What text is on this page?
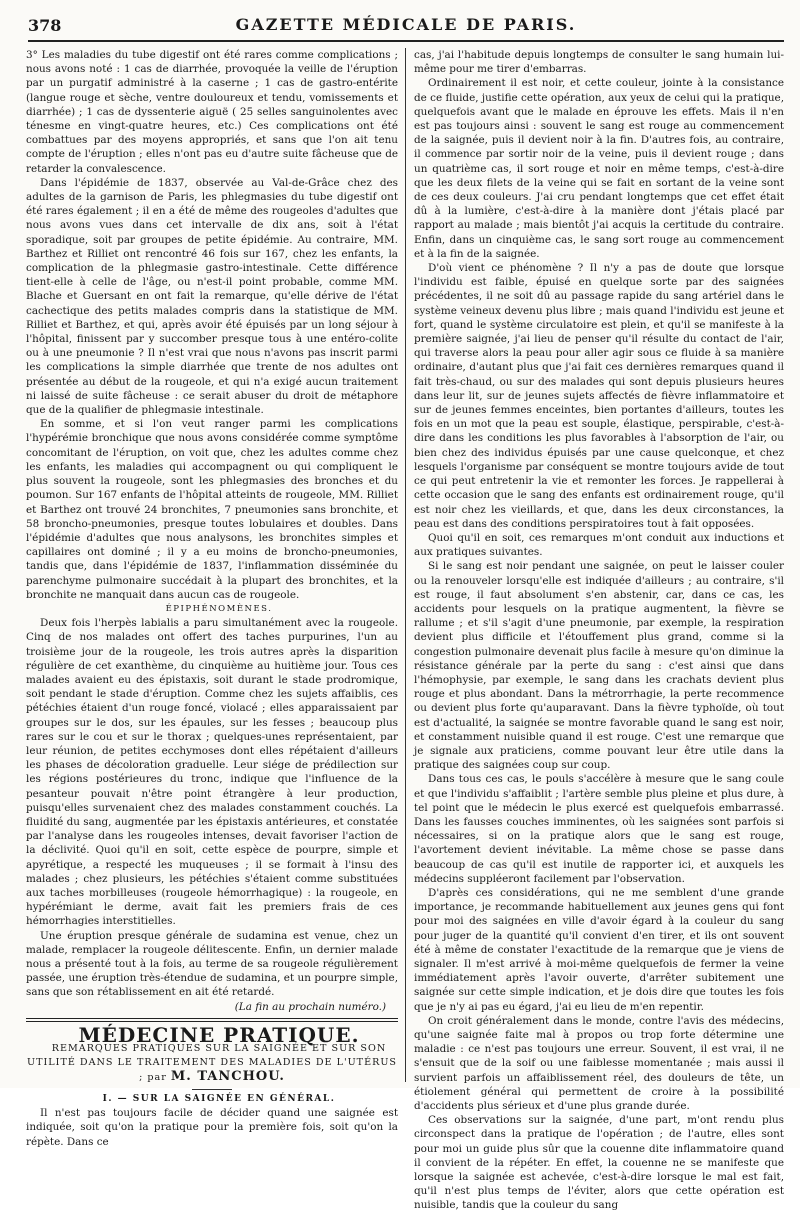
378	GAZETTE MÉDICALE DE PARIS.

3° Les maladies du tube digestif ont été rares comme complications ; nous avons noté : 1 cas de diarrhée, provoquée la veille de l'éruption par un purgatif administré à la caserne ; 1 cas de gastro-entérite (langue rouge et sèche, ventre douloureux et tendu, vomissements et diarrhée) ; 1 cas de dyssenterie aiguë ( 25 selles sanguinolentes avec ténesme en vingt-quatre heures, etc.) Ces complications ont été combattues par des moyens appropriés, et sans que l'on ait tenu compte de l'éruption ; elles n'ont pas eu d'autre suite fâcheuse que de retarder la convalescence.

Dans l'épidémie de 1837, observée au Val-de-Grâce chez des adultes de la garnison de Paris, les phlegmasies du tube digestif ont été rares également ; il en a été de même des rougeoles d'adultes que nous avons vues dans cet intervalle de dix ans, soit à l'état sporadique, soit par groupes de petite épidémie. Au contraire, MM. Barthez et Rilliet ont rencontré 46 fois sur 167, chez les enfants, la complication de la phlegmasie gastro-intestinale. Cette différence tient-elle à celle de l'âge, ou n'est-il point probable, comme MM. Blache et Guersant en ont fait la remarque, qu'elle dérive de l'état cachectique des petits malades compris dans la statistique de MM. Rilliet et Barthez, et qui, après avoir été épuisés par un long séjour à l'hôpital, finissent par y succomber presque tous à une entéro-colite ou à une pneumonie ? Il n'est vrai que nous n'avons pas inscrit parmi les complications la simple diarrhée que trente de nos adultes ont présentée au début de la rougeole, et qui n'a exigé aucun traitement ni laissé de suite fâcheuse : ce serait abuser du droit de métaphore que de la qualifier de phlegmasie intestinale.

En somme, et si l'on veut ranger parmi les complications l'hypérémie bronchique que nous avons considérée comme symptôme concomitant de l'éruption, on voit que, chez les adultes comme chez les enfants, les maladies qui accompagnent ou qui compliquent le plus souvent la rougeole, sont les phlegmasies des bronches et du poumon. Sur 167 enfants de l'hôpital atteints de rougeole, MM. Rilliet et Barthez ont trouvé 24 bronchites, 7 pneumonies sans bronchite, et 58 broncho-pneumonies, presque toutes lobulaires et doubles. Dans l'épidémie d'adultes que nous analysons, les bronchites simples et capillaires ont dominé ; il y a eu moins de broncho-pneumonies, tandis que, dans l'épidémie de 1837, l'inflammation disséminée du parenchyme pulmonaire succédait à la plupart des bronchites, et la bronchite ne manquait dans aucun cas de rougeole.

ÉPIPHÉNOMÈNES.

Deux fois l'herpès labialis a paru simultanément avec la rougeole. Cinq de nos malades ont offert des taches purpurines, l'un au troisième jour de la rougeole, les trois autres après la disparition régulière de cet exanthème, du cinquième au huitième jour. Tous ces malades avaient eu des épistaxis, soit durant le stade prodromique, soit pendant le stade d'éruption. Comme chez les sujets affaiblis, ces pétéchies étaient d'un rouge foncé, violacé ; elles apparaissaient par groupes sur le dos, sur les épaules, sur les fesses ; beaucoup plus rares sur le cou et sur le thorax ; quelques-unes représentaient, par leur réunion, de petites ecchymoses dont elles répétaient d'ailleurs les phases de décoloration graduelle. Leur siége de prédilection sur les régions postérieures du tronc, indique que l'influence de la pesanteur pouvait n'être point étrangère à leur production, puisqu'elles survenaient chez des malades constamment couchés. La fluidité du sang, augmentée par les épistaxis antérieures, et constatée par l'analyse dans les rougeoles intenses, devait favoriser l'action de la déclivité. Quoi qu'il en soit, cette espèce de pourpre, simple et apyrétique, a respecté les muqueuses ; il se formait à l'insu des malades ; chez plusieurs, les pétéchies s'étaient comme substituées aux taches morbilleuses (rougeole hémorrhagique) : la rougeole, en hypérémiant le derme, avait fait les premiers frais de ces hémorrhagies interstitielles.

Une éruption presque générale de sudamina est venue, chez un malade, remplacer la rougeole délitescente. Enfin, un dernier malade nous a présenté tout à la fois, au terme de sa rougeole régulièrement passée, une éruption très-étendue de sudamina, et un pourpre simple, sans que son rétablissement en ait été retardé.

(La fin au prochain numéro.)

MÉDECINE PRATIQUE.

REMARQUES PRATIQUES SUR LA SAIGNÉE ET SUR SON UTILITÉ DANS LE TRAITEMENT DES MALADIES DE L'UTÉRUS ; par M. TANCHOU.

I. — SUR LA SAIGNÉE EN GÉNÉRAL.

Il n'est pas toujours facile de décider quand une saignée est indiquée, soit qu'on la pratique pour la première fois, soit qu'on la répète. Dans ce

cas, j'ai l'habitude depuis longtemps de consulter le sang humain lui-même pour me tirer d'embarras.

Ordinairement il est noir, et cette couleur, jointe à la consistance de ce fluide, justifie cette opération, aux yeux de celui qui la pratique, quelquefois avant que le malade en éprouve les effets. Mais il n'en est pas toujours ainsi : souvent le sang est rouge au commencement de la saignée, puis il devient noir à la fin. D'autres fois, au contraire, il commence par sortir noir de la veine, puis il devient rouge ; dans un quatrième cas, il sort rouge et noir en même temps, c'est-à-dire que les deux filets de la veine qui se fait en sortant de la veine sont de ces deux couleurs. J'ai cru pendant longtemps que cet effet était dû à la lumière, c'est-à-dire à la manière dont j'étais placé par rapport au malade ; mais bientôt j'ai acquis la certitude du contraire. Enfin, dans un cinquième cas, le sang sort rouge au commencement et à la fin de la saignée.

D'où vient ce phénomène ? Il n'y a pas de doute que lorsque l'individu est faible, épuisé en quelque sorte par des saignées précédentes, il ne soit dû au passage rapide du sang artériel dans le système veineux devenu plus libre ; mais quand l'individu est jeune et fort, quand le système circulatoire est plein, et qu'il se manifeste à la première saignée, j'ai lieu de penser qu'il résulte du contact de l'air, qui traverse alors la peau pour aller agir sous ce fluide à sa manière ordinaire, d'autant plus que j'ai fait ces dernières remarques quand il fait très-chaud, ou sur des malades qui sont depuis plusieurs heures dans leur lit, sur de jeunes sujets affectés de fièvre inflammatoire et sur de jeunes femmes enceintes, bien portantes d'ailleurs, toutes les fois en un mot que la peau est souple, élastique, perspirable, c'est-à-dire dans les conditions les plus favorables à l'absorption de l'air, ou bien chez des individus épuisés par une cause quelconque, et chez lesquels l'organisme par conséquent se montre toujours avide de tout ce qui peut entretenir la vie et remonter les forces. Je rappellerai à cette occasion que le sang des enfants est ordinairement rouge, qu'il est noir chez les vieillards, et que, dans les deux circonstances, la peau est dans des conditions perspiratoires tout à fait opposées.

Quoi qu'il en soit, ces remarques m'ont conduit aux inductions et aux pratiques suivantes.

Si le sang est noir pendant une saignée, on peut le laisser couler ou la renouveler lorsqu'elle est indiquée d'ailleurs ; au contraire, s'il est rouge, il faut absolument s'en abstenir, car, dans ce cas, les accidents pour lesquels on la pratique augmentent, la fièvre se rallume ; et s'il s'agit d'une pneumonie, par exemple, la respiration devient plus difficile et l'étouffement plus grand, comme si la congestion pulmonaire devenait plus facile à mesure qu'on diminue la résistance générale par la perte du sang : c'est ainsi que dans l'hémophysie, par exemple, le sang dans les crachats devient plus rouge et plus abondant. Dans la métrorrhagie, la perte recommence ou devient plus forte qu'auparavant. Dans la fièvre typhoïde, où tout est d'actualité, la saignée se montre favorable quand le sang est noir, et constamment nuisible quand il est rouge. C'est une remarque que je signale aux praticiens, comme pouvant leur être utile dans la pratique des saignées coup sur coup.

Dans tous ces cas, le pouls s'accélère à mesure que le sang coule et que l'individu s'affaiblit ; l'artère semble plus pleine et plus dure, à tel point que le médecin le plus exercé est quelquefois embarrassé. Dans les fausses couches imminentes, où les saignées sont parfois si nécessaires, si on la pratique alors que le sang est rouge, l'avortement devient inévitable. La même chose se passe dans beaucoup de cas qu'il est inutile de rapporter ici, et auxquels les médecins suppléeront facilement par l'observation.

D'après ces considérations, qui ne me semblent d'une grande importance, je recommande habituellement aux jeunes gens qui font pour moi des saignées en ville d'avoir égard à la couleur du sang pour juger de la quantité qu'il convient d'en tirer, et ils ont souvent été à même de constater l'exactitude de la remarque que je viens de signaler. Il m'est arrivé à moi-même quelquefois de fermer la veine immédiatement après l'avoir ouverte, d'arrêter subitement une saignée sur cette simple indication, et je dois dire que toutes les fois que je n'y ai pas eu égard, j'ai eu lieu de m'en repentir.

On croit généralement dans le monde, contre l'avis des médecins, qu'une saignée faite mal à propos ou trop forte détermine une maladie : ce n'est pas toujours une erreur. Souvent, il est vrai, il ne s'ensuit que de la soif ou une faiblesse momentanée ; mais aussi il survient parfois un affaiblissement réel, des douleurs de tête, un étiolement général qui permettent de croire à la possibilité d'accidents plus sérieux et d'une plus grande durée.

Ces observations sur la saignée, d'une part, m'ont rendu plus circonspect dans la pratique de l'opération ; de l'autre, elles sont pour moi un guide plus sûr que la couenne dite inflammatoire quand il convient de la répéter. En effet, la couenne ne se manifeste que lorsque la saignée est achevée, c'est-à-dire lorsque le mal est fait, qu'il n'est plus temps de l'éviter, alors que cette opération est nuisible, tandis que la couleur du sang
